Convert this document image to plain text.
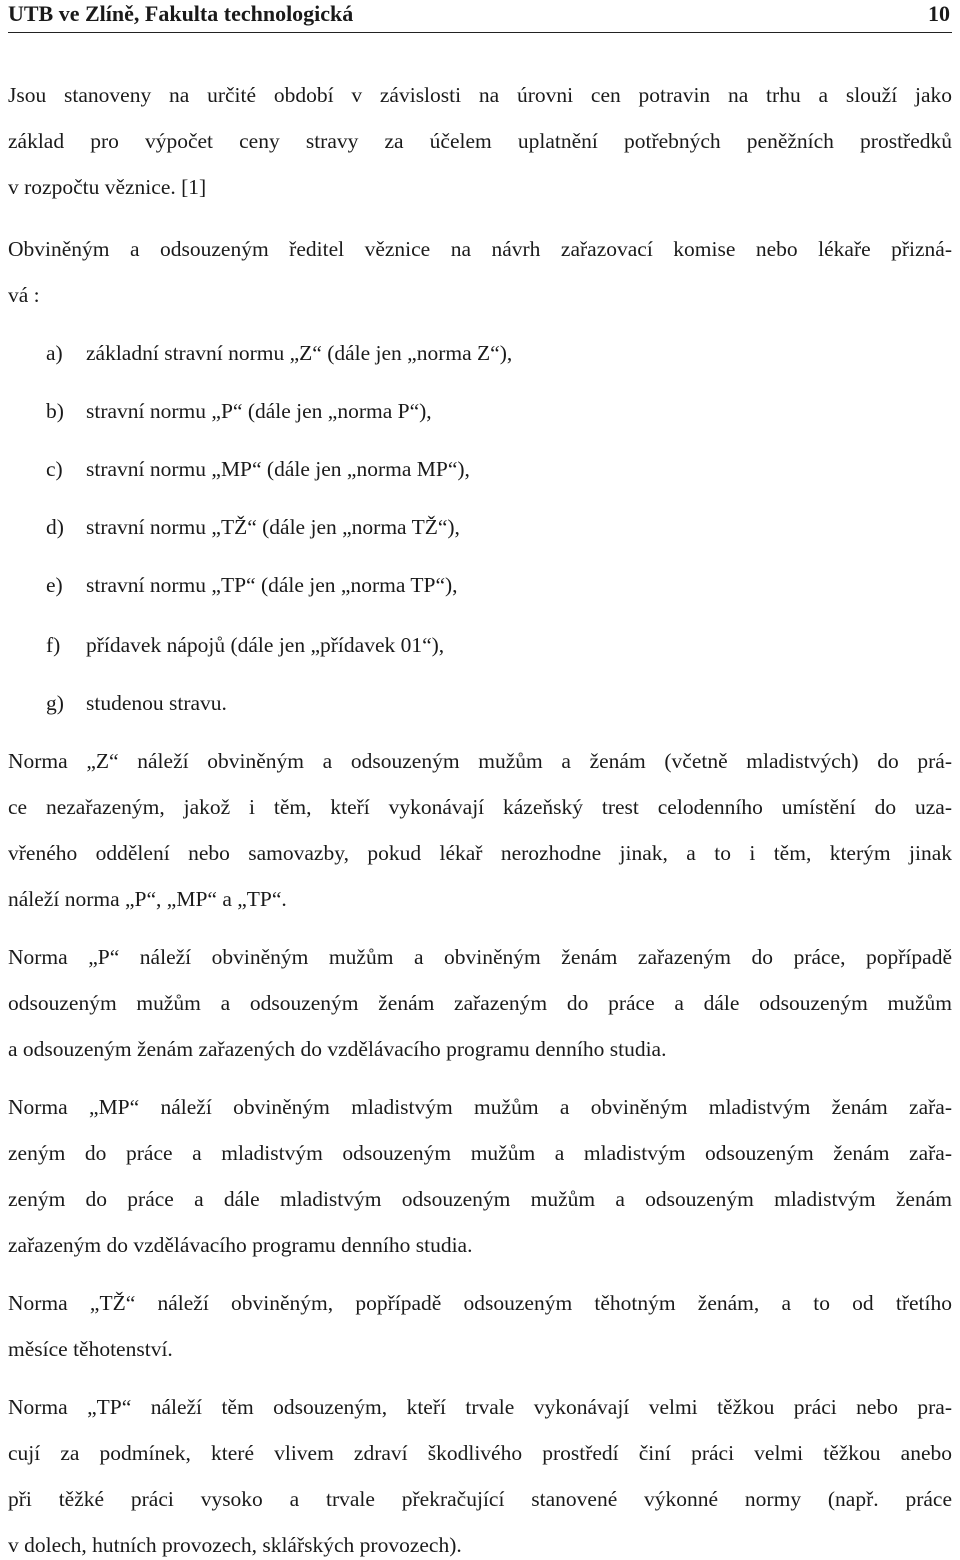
UTB ve Zlíně, Fakulta technologická	10
Jsou stanoveny na určité období v závislosti na úrovni cen potravin na trhu a slouží jako
základ pro výpočet ceny stravy za účelem uplatnění potřebných peněžních prostředků
v rozpočtu věznice. [1]
Obviněným a odsouzeným ředitel věznice na návrh zařazovací komise nebo lékaře přizná-
vá :
a) základní stravní normu „Z“ (dále jen „norma Z“),
b) stravní normu „P“ (dále jen „norma P“),
c) stravní normu „MP“ (dále jen „norma MP“),
d) stravní normu „TŽ“ (dále jen „norma TŽ“),
e) stravní normu „TP“ (dále jen „norma TP“),
f) přídavek nápojů (dále jen „přídavek 01“),
g) studenou stravu.
Norma „Z“ náleží obviněným a odsouzeným mužům a ženám (včetně mladistvých) do prá-
ce nezařazeným, jakož i těm, kteří vykonávají kázeňský trest celodenního umístění do uza-
vřeného oddělení nebo samovazby, pokud lékař nerozhodne jinak, a to i těm, kterým jinak
náleží norma „P“, „MP“ a „TP“.
Norma „P“ náleží obviněným mužům a obviněným ženám zařazeným do práce, popřípadě
odsouzeným mužům a odsouzeným ženám zařazeným do práce a dále odsouzeným mužům
a odsouzeným ženám zařazených do vzdělávacího programu denního studia.
Norma „MP“ náleží obviněným mladistvým mužům a obviněným mladistvým ženám zařa-
zeným do práce a mladistvým odsouzeným mužům a mladistvým odsouzeným ženám zařa-
zeným do práce a dále mladistvým odsouzeným mužům a odsouzeným mladistvým ženám
zařazeným do vzdělávacího programu denního studia.
Norma „TŽ“ náleží obviněným, popřípadě odsouzeným těhotným ženám, a to od třetího
měsíce těhotenství.
Norma „TP“ náleží těm odsouzeným, kteří trvale vykonávají velmi těžkou práci nebo pra-
cují za podmínek, které vlivem zdraví škodlivého prostředí činí práci velmi těžkou anebo
při těžké práci vysoko a trvale překračující stanovené výkonné normy (např. práce
v dolech, hutních provozech, sklářských provozech).
